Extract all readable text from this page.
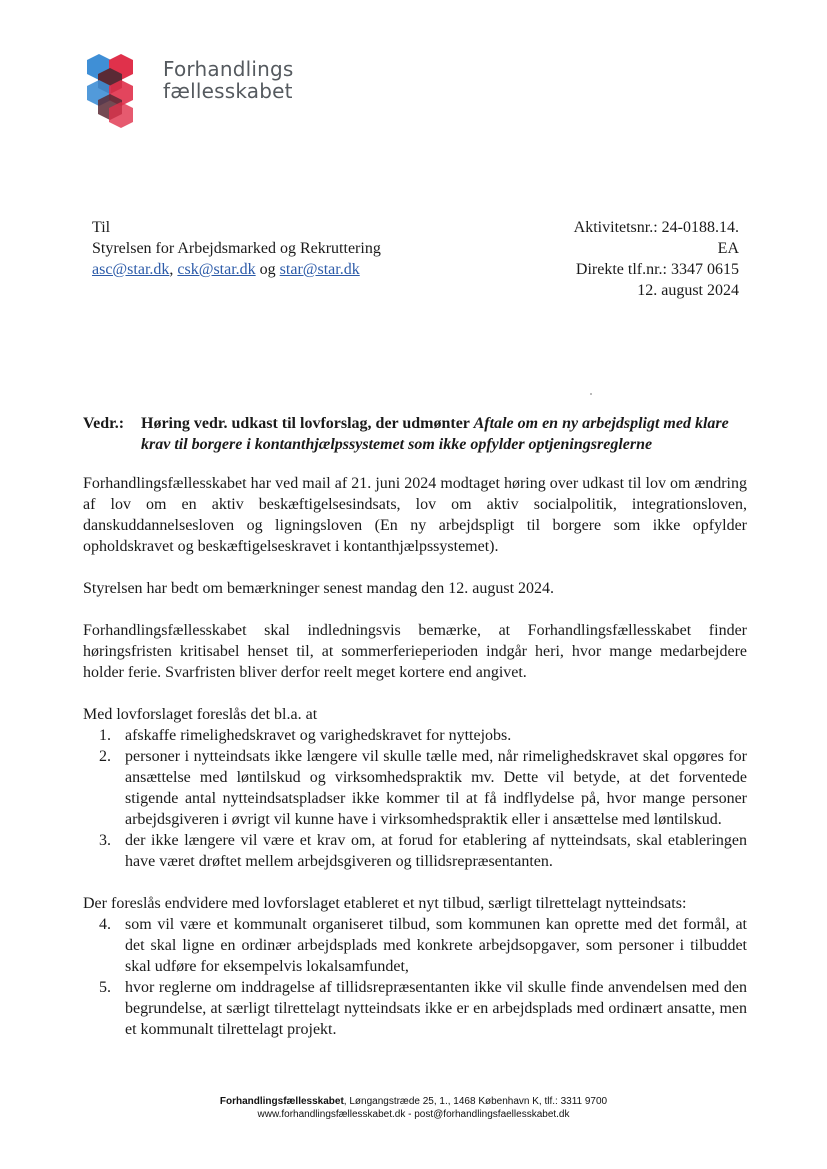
Forhandlings
fællesskabet
Til
Styrelsen for Arbejdsmarked og Rekruttering
asc@star.dk, csk@star.dk og star@star.dk
Aktivitetsnr.: 24-0188.14.
EA
Direkte tlf.nr.: 3347 0615
12. august 2024
Vedr.: Høring vedr. udkast til lovforslag, der udmønter Aftale om en ny arbejdspligt med klare krav til borgere i kontanthjælpssystemet som ikke opfylder optjeningsreglerne

Forhandlingsfællesskabet har ved mail af 21. juni 2024 modtaget høring over udkast til lov om ændring af lov om en aktiv beskæftigelsesindsats, lov om aktiv socialpolitik, integrationsloven, danskuddannelsesloven og ligningsloven (En ny arbejdspligt til borgere som ikke opfylder opholdskravet og beskæftigelseskravet i kontanthjælpssystemet).

Styrelsen har bedt om bemærkninger senest mandag den 12. august 2024.

Forhandlingsfællesskabet skal indledningsvis bemærke, at Forhandlingsfællesskabet finder høringsfristen kritisabel henset til, at sommerferieperioden indgår heri, hvor mange medarbejdere holder ferie. Svarfristen bliver derfor reelt meget kortere end angivet.

Med lovforslaget foreslås det bl.a. at

1. afskaffe rimelighedskravet og varighedskravet for nyttejobs.
2. personer i nytteindsats ikke længere vil skulle tælle med, når rimelighedskravet skal opgøres for ansættelse med løntilskud og virksomhedspraktik mv. Dette vil betyde, at det forventede stigende antal nytteindsatspladser ikke kommer til at få indflydelse på, hvor mange personer arbejdsgiveren i øvrigt vil kunne have i virksomhedspraktik eller i ansættelse med løntilskud.
3. der ikke længere vil være et krav om, at forud for etablering af nytteindsats, skal etableringen have været drøftet mellem arbejdsgiveren og tillidsrepræsentanten.

Der foreslås endvidere med lovforslaget etableret et nyt tilbud, særligt tilrettelagt nytteindsats:

4. som vil være et kommunalt organiseret tilbud, som kommunen kan oprette med det formål, at det skal ligne en ordinær arbejdsplads med konkrete arbejdsopgaver, som personer i tilbuddet skal udføre for eksempelvis lokalsamfundet,
5. hvor reglerne om inddragelse af tillidsrepræsentanten ikke vil skulle finde anvendelsen med den begrundelse, at særligt tilrettelagt nytteindsats ikke er en arbejdsplads med ordinært ansatte, men et kommunalt tilrettelagt projekt.
Forhandlingsfællesskabet, Løngangstræde 25, 1., 1468 København K, tlf.: 3311 9700
www.forhandlingsfællesskabet.dk - post@forhandlingsfaellesskabet.dk
